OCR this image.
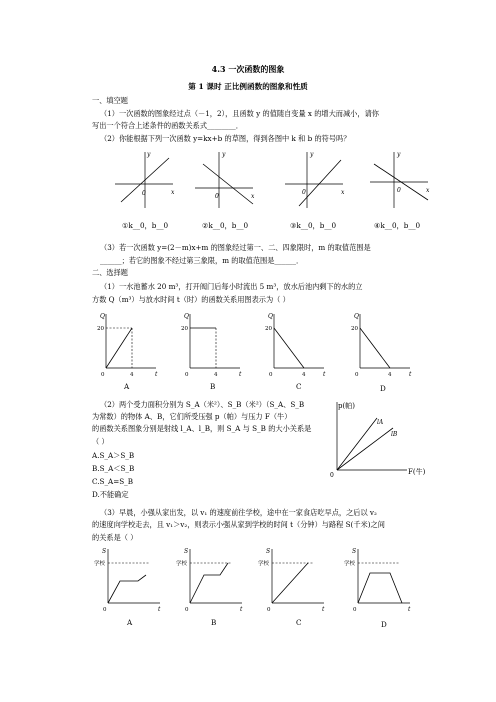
4.3 一次函数的图象
第 1 课时 正比例函数的图象和性质
一、填空题
（1）一次函数的图象经过点（－1，2），且函数 y 的值随自变量 x 的增大而减小，请你
写出一个符合上述条件的函数关系式________．
（2）你能根据下列一次函数 y=kx+b 的草图，得到各图中 k 和 b 的符号吗？
0	x
y
0	x
y
0	x
y
0	x
y
①k__0，b__0	②k__0，b__0	③k__0，b__0	④k__0，b__0
（3）若一次函数 y=(2－m)x+m 的图象经过第一、二、四象限时，m 的取值范围是
______；若它的图象不经过第三象限，m 的取值范围是______．
二、选择题
（1）一水池蓄水 20 m³，打开阀门后每小时流出 5 m³，放水后池内剩下的水的立
方数 Q（m³）与放水时间 t（时）的函数关系用图表示为（ ）
Q
20
0	4	t
Q
20
0	4	t
Q
20
0	4	t
Q
20
0	4	t
A	B	C	D
（2）两个受力面积分别为 S_A（米²）、S_B（米²）（S_A、S_B
为常数）的物体 A、B，它们所受压强 p（帕）与压力 F（牛）
的函数关系图象分别是射线 l_A、l_B，则 S_A 与 S_B 的大小关系是
（ ）
A.S_A＞S_B
B.S_A＜S_B
C.S_A=S_B
D.不能确定
p(帕)
F(牛)
0
lA
lB
（3）早晨，小强从家出发，以 v₁ 的速度前往学校，途中在一家食店吃早点，之后以 v₂
的速度向学校走去，且 v₁＞v₂，则表示小强从家到学校的时间 t（分钟）与路程 S(千米)之间
的关系是（ ）
S
学校
0	t
S
学校
0	t
S
学校
0	t
S
学校
0	t
A	B	C	D
